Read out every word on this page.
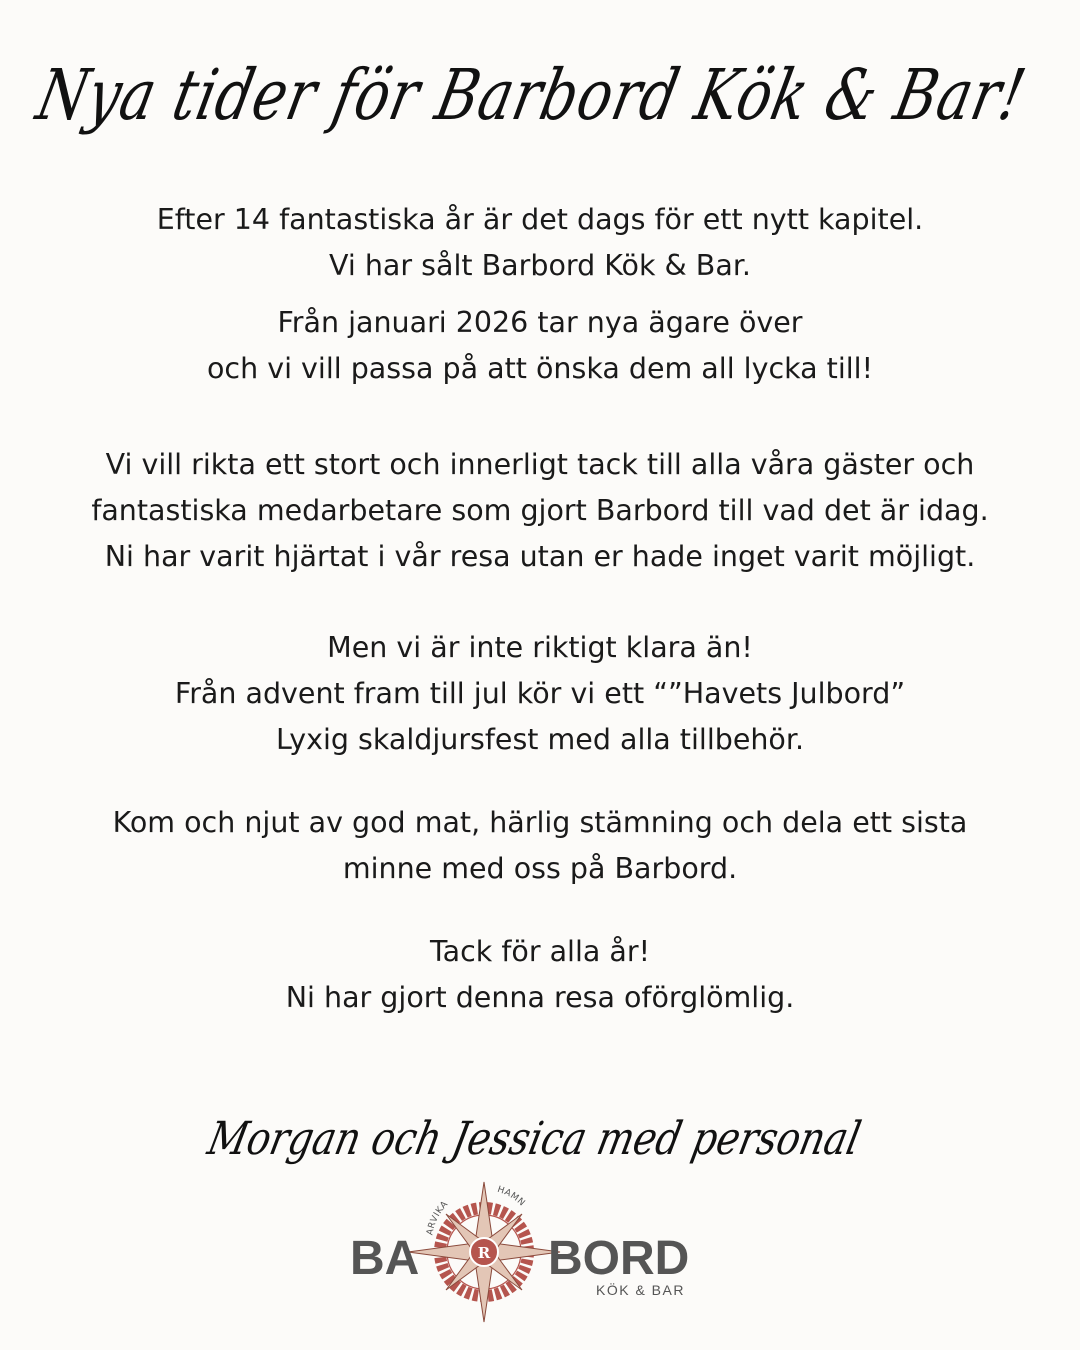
Nya tider för Barbord Kök & Bar!
Efter 14 fantastiska år är det dags för ett nytt kapitel.
Vi har sålt Barbord Kök & Bar.
Från januari 2026 tar nya ägare över
och vi vill passa på att önska dem all lycka till!
Vi vill rikta ett stort och innerligt tack till alla våra gäster och
fantastiska medarbetare som gjort Barbord till vad det är idag.
Ni har varit hjärtat i vår resa utan er hade inget varit möjligt.
Men vi är inte riktigt klara än!
Från advent fram till jul kör vi ett “”Havets Julbord”
Lyxig skaldjursfest med alla tillbehör.
Kom och njut av god mat, härlig stämning och dela ett sista
minne med oss på Barbord.
Tack för alla år!
Ni har gjort denna resa oförglömlig.
Morgan och Jessica med personal
ARVIKA
HAMN
R
BA	BORD
KÖK & BAR
